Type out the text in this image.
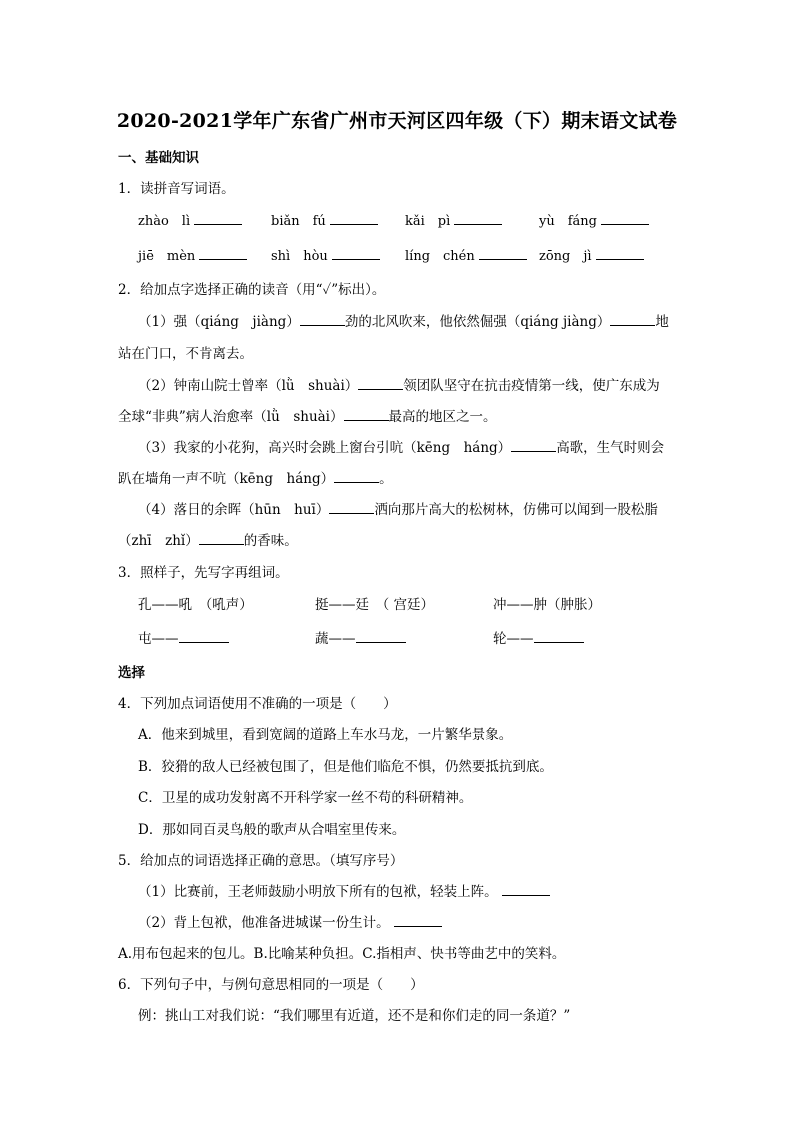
2020-2021学年广东省广州市天河区四年级（下）期末语文试卷
一、基础知识
1．读拼音写词语。
zhào　lì	biǎn　fú	kǎi　pì	yù　fáng
jiē　mèn	shì　hòu	líng　chén	zōng　jì
2．给加点字选择正确的读音（用“✓”标出）。
（1）强（qiáng　jiàng）	劲的北风吹来，他依然倔强（qiáng jiàng）	地
站在门口，不肯离去。
（2）钟南山院士曾率（lǜ　shuài）	领团队坚守在抗击疫情第一线，使广东成为
全球“非典”病人治愈率（lǜ　shuài）	最高的地区之一。
（3）我家的小花狗，高兴时会跳上窗台引吭（kēng　háng）	高歌，生气时则会
趴在墙角一声不吭（kēng　háng）	。
（4）落日的余晖（hūn　huī）	洒向那片高大的松树林，仿佛可以闻到一股松脂
（zhī　zhǐ）	的香味。
3．照样子，先写字再组词。
孔——吼　（吼声）	挺——廷　（ 宫廷）	冲——肿（肿胀）
屯——	蔬——	轮——
选择
4．下列加点词语使用不准确的一项是（　　）
A．他来到城里，看到宽阔的道路上车水马龙，一片繁华景象。
B．狡猾的敌人已经被包围了，但是他们临危不惧，仍然要抵抗到底。
C．卫星的成功发射离不开科学家一丝不苟的科研精神。
D．那如同百灵鸟般的歌声从合唱室里传来。
5．给加点的词语选择正确的意思。（填写序号）
（1）比赛前，王老师鼓励小明放下所有的包袱，轻装上阵。
（2）背上包袱，他准备进城谋一份生计。
A.用布包起来的包儿。B.比喻某种负担。C.指相声、快书等曲艺中的笑料。
6．下列句子中，与例句意思相同的一项是（　　）
例：挑山工对我们说：“我们哪里有近道，还不是和你们走的同一条道？”
